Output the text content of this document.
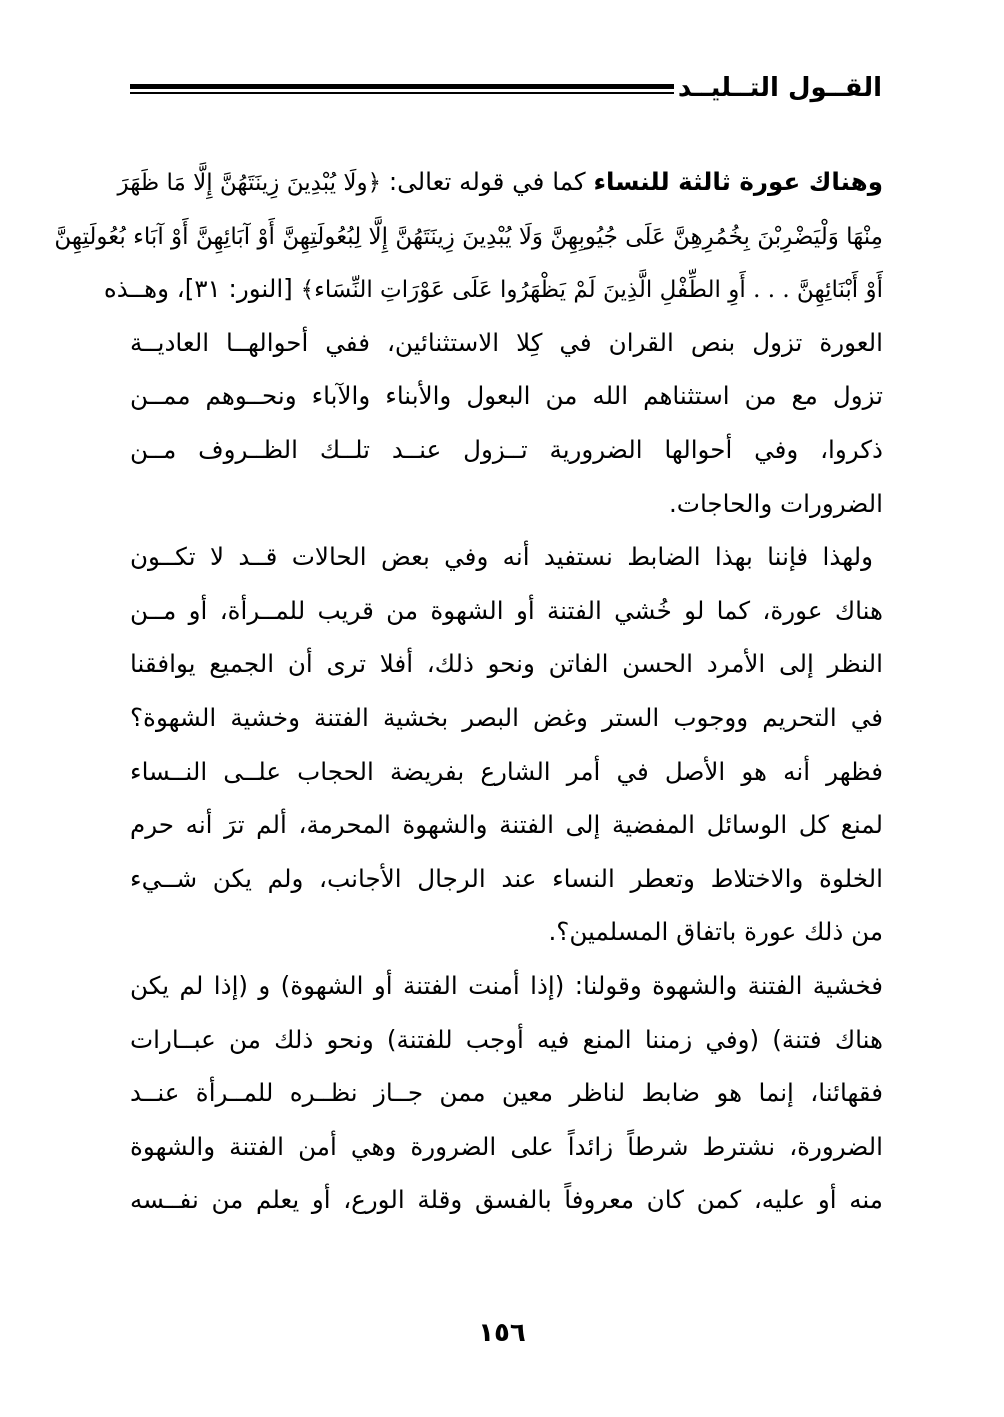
القــول التــليــد
وهناك عورة ثالثة للنساء كما في قوله تعالى: ﴿ولَا يُبْدِينَ زِينَتَهُنَّ إِلَّا مَا ظَهَرَ
مِنْهَا وَلْيَضْرِبْنَ بِخُمُرِهِنَّ عَلَى جُيُوبِهِنَّ وَلَا يُبْدِينَ زِينَتَهُنَّ إِلَّا لِبُعُولَتِهِنَّ أَوْ آبَائِهِنَّ أَوْ آبَاء بُعُولَتِهِنَّ
أَوْ أَبْنَائِهِنَّ . . . أَوِ الطِّفْلِ الَّذِينَ لَمْ يَظْهَرُوا عَلَى عَوْرَاتِ النِّسَاء﴾ [النور: ٣١]، وهــذه
العورة تزول بنص القران في كِلا الاستثنائين، ففي أحوالهــا العاديــة
تزول مع من استثناهم الله من البعول والأبناء والآباء ونحــوهم ممــن
ذكروا، وفي أحوالها الضرورية تــزول عنــد تلــك الظــروف مــن
الضرورات والحاجات.
ولهذا فإننا بهذا الضابط نستفيد أنه وفي بعض الحالات قــد لا تكــون
هناك عورة، كما لو خُشي الفتنة أو الشهوة من قريب للمــرأة، أو مــن
النظر إلى الأمرد الحسن الفاتن ونحو ذلك، أفلا ترى أن الجميع يوافقنا
في التحريم ووجوب الستر وغض البصر بخشية الفتنة وخشية الشهوة؟
فظهر أنه هو الأصل في أمر الشارع بفريضة الحجاب علــى النــساء
لمنع كل الوسائل المفضية إلى الفتنة والشهوة المحرمة، ألم ترَ أنه حرم
الخلوة والاختلاط وتعطر النساء عند الرجال الأجانب، ولم يكن شــيء
من ذلك عورة باتفاق المسلمين؟.
فخشية الفتنة والشهوة وقولنا: (إذا أمنت الفتنة أو الشهوة) و (إذا لم يكن
هناك فتنة) (وفي زمننا المنع فيه أوجب للفتنة) ونحو ذلك من عبــارات
فقهائنا، إنما هو ضابط لناظر معين ممن جــاز نظــره للمــرأة عنــد
الضرورة، نشترط شرطاً زائداً على الضرورة وهي أمن الفتنة والشهوة
منه أو عليه، كمن كان معروفاً بالفسق وقلة الورع، أو يعلم من نفــسه
١٥٦
